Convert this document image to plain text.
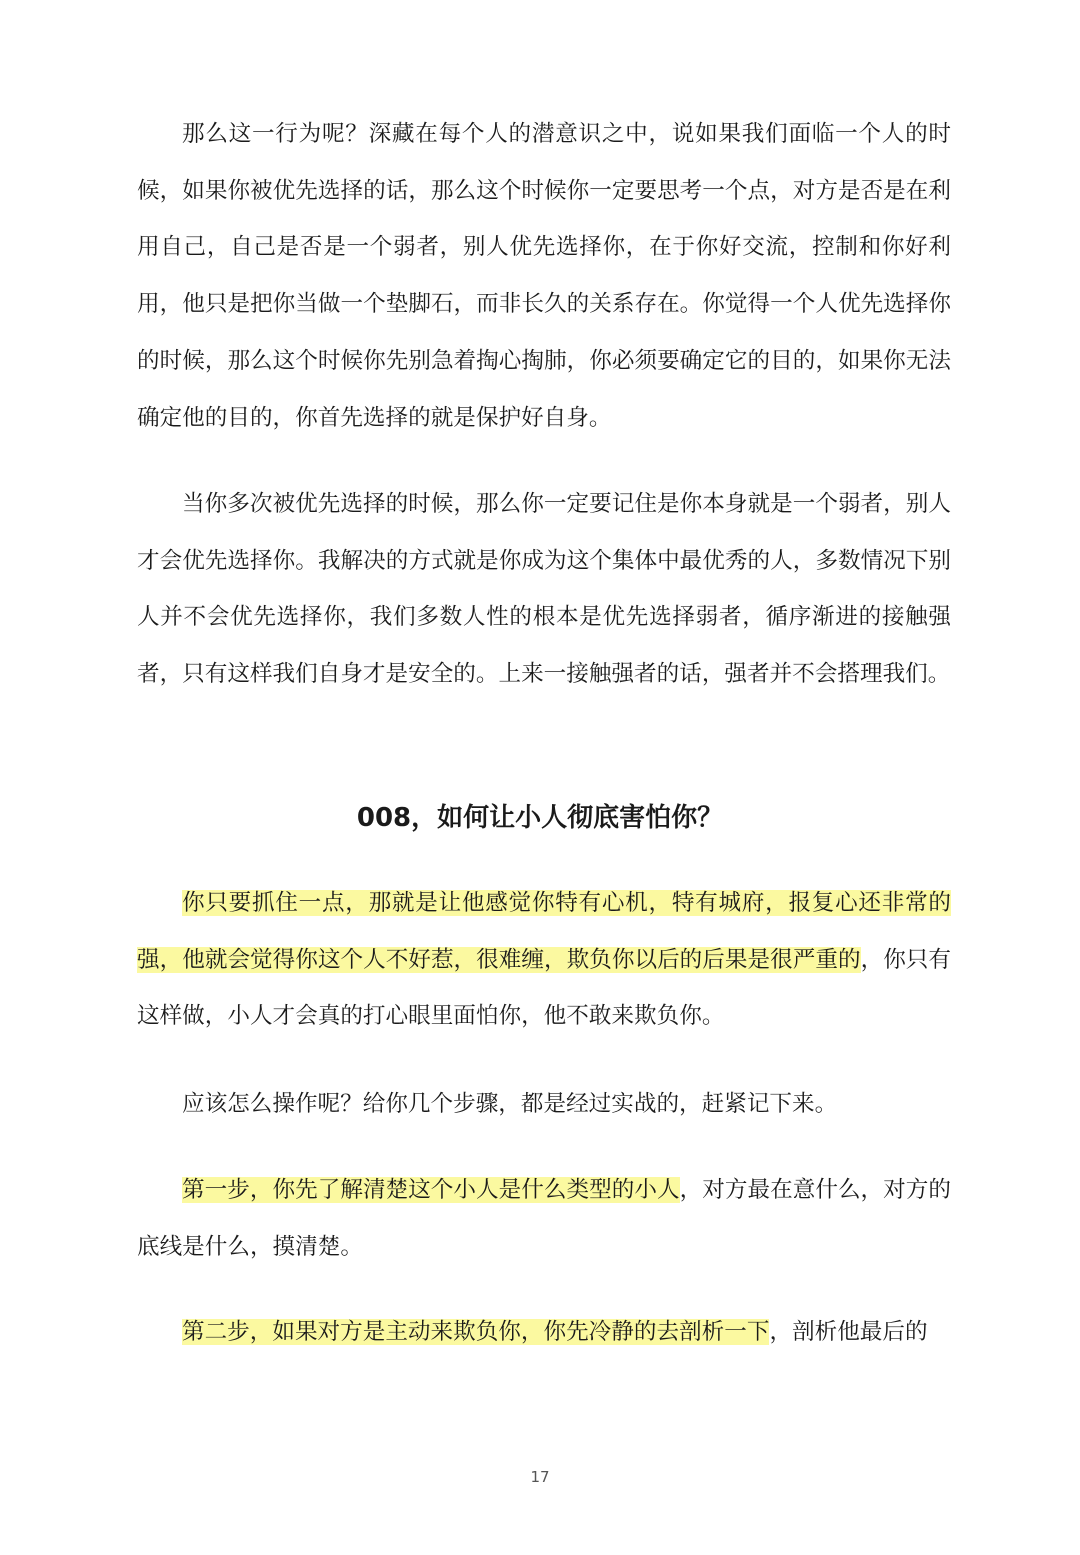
那么这一行为呢？深藏在每个人的潜意识之中，说如果我们面临一个人的时候，如果你被优先选择的话，那么这个时候你一定要思考一个点，对方是否是在利用自己，自己是否是一个弱者，别人优先选择你，在于你好交流，控制和你好利用，他只是把你当做一个垫脚石，而非长久的关系存在。你觉得一个人优先选择你的时候，那么这个时候你先别急着掏心掏肺，你必须要确定它的目的，如果你无法确定他的目的，你首先选择的就是保护好自身。

当你多次被优先选择的时候，那么你一定要记住是你本身就是一个弱者，别人才会优先选择你。我解决的方式就是你成为这个集体中最优秀的人，多数情况下别人并不会优先选择你，我们多数人性的根本是优先选择弱者，循序渐进的接触强者，只有这样我们自身才是安全的。上来一接触强者的话，强者并不会搭理我们。

008，如何让小人彻底害怕你？

你只要抓住一点，那就是让他感觉你特有心机，特有城府，报复心还非常的强，他就会觉得你这个人不好惹，很难缠，欺负你以后的后果是很严重的，你只有这样做，小人才会真的打心眼里面怕你，他不敢来欺负你。

应该怎么操作呢？给你几个步骤，都是经过实战的，赶紧记下来。

第一步，你先了解清楚这个小人是什么类型的小人，对方最在意什么，对方的底线是什么，摸清楚。

第二步，如果对方是主动来欺负你，你先冷静的去剖析一下，剖析他最后的

17
